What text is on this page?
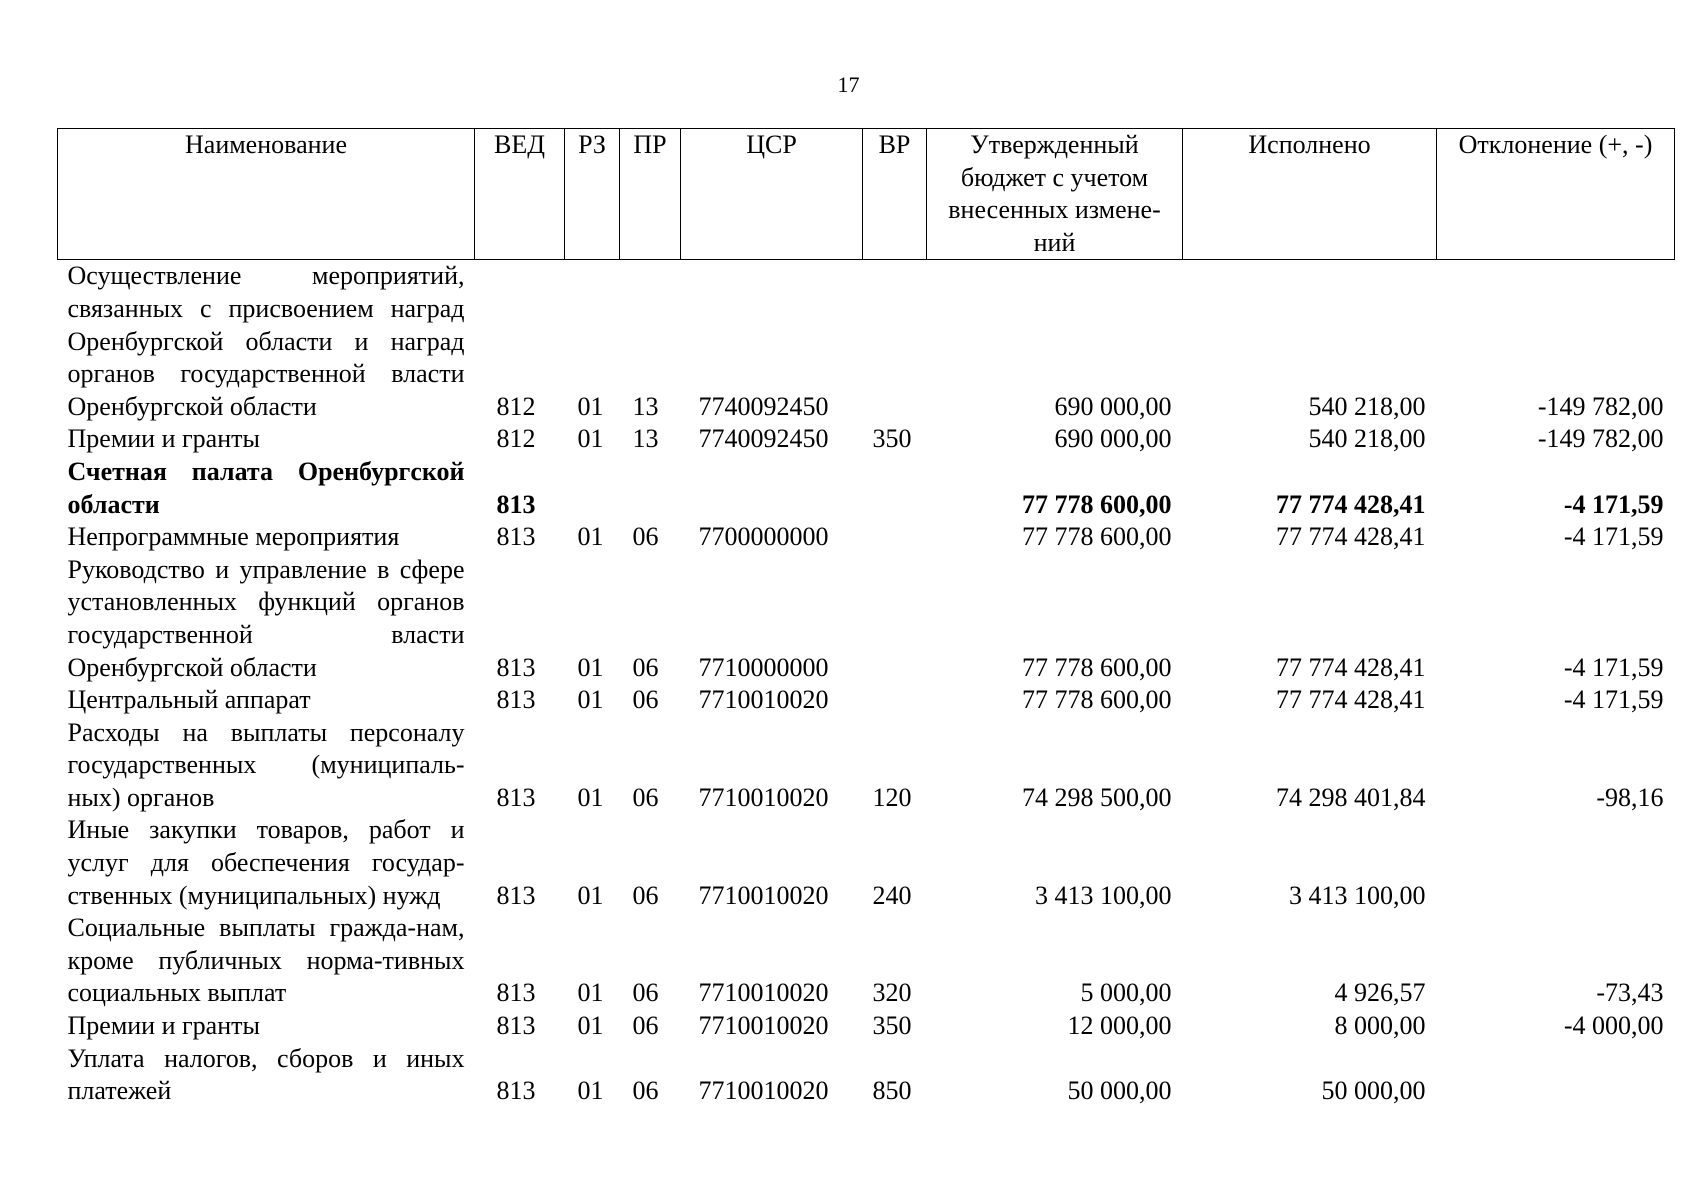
17
Наименование	ВЕД	РЗ	ПР	ЦСР	ВР	Утвержденный бюджет с учетом внесенных измене-ний	Исполнено	Отклонение (+, -)
Осуществление мероприятий, связанных с присвоением наград Оренбургской области и наград органов государственной власти Оренбургской области	812	01	13	7740092450		690 000,00	540 218,00	-149 782,00
Премии и гранты	812	01	13	7740092450	350	690 000,00	540 218,00	-149 782,00
Счетная палата Оренбургской области	813					77 778 600,00	77 774 428,41	-4 171,59
Непрограммные мероприятия	813	01	06	7700000000		77 778 600,00	77 774 428,41	-4 171,59
Руководство и управление в сфере установленных функций органов государственной власти Оренбургской области	813	01	06	7710000000		77 778 600,00	77 774 428,41	-4 171,59
Центральный аппарат	813	01	06	7710010020		77 778 600,00	77 774 428,41	-4 171,59
Расходы на выплаты персоналу государственных (муниципаль-ных) органов	813	01	06	7710010020	120	74 298 500,00	74 298 401,84	-98,16
Иные закупки товаров, работ и услуг для обеспечения государ-ственных (муниципальных) нужд	813	01	06	7710010020	240	3 413 100,00	3 413 100,00	
Социальные выплаты гражда-нам, кроме публичных норма-тивных социальных выплат	813	01	06	7710010020	320	5 000,00	4 926,57	-73,43
Премии и гранты	813	01	06	7710010020	350	12 000,00	8 000,00	-4 000,00
Уплата налогов, сборов и иных платежей	813	01	06	7710010020	850	50 000,00	50 000,00	
